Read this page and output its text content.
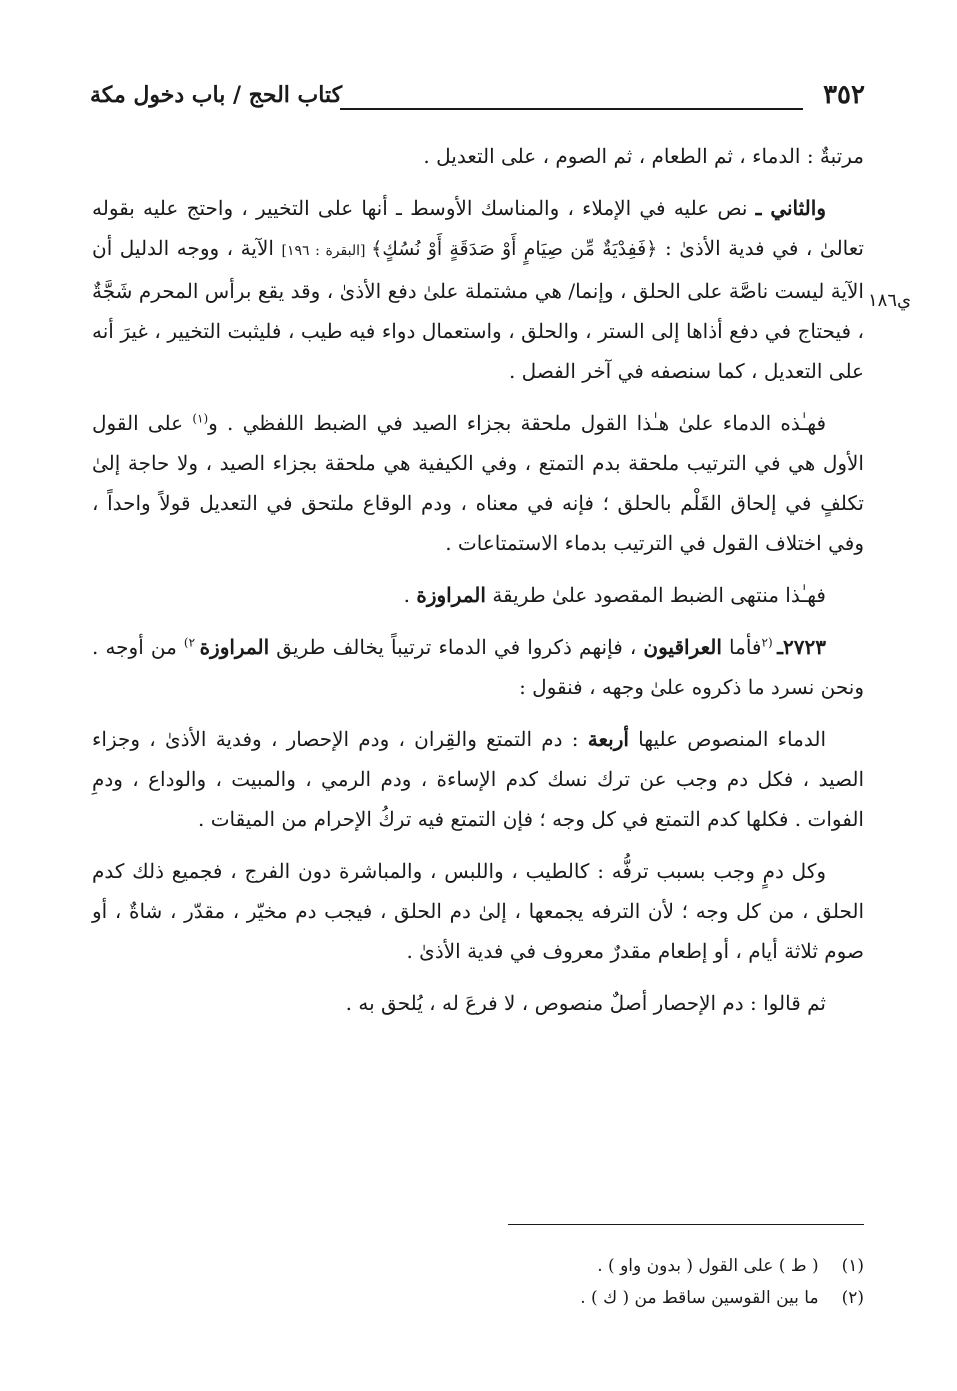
٣٥٢
كتاب الحج / باب دخول مكة
ي١٨٦

مرتبةٌ : الدماء ، ثم الطعام ، ثم الصوم ، على التعديل .

والثاني ـ نص عليه في الإملاء ، والمناسك الأوسط ـ أنها على التخيير ، واحتج عليه بقوله تعالىٰ ، في فدية الأذىٰ : ﴿فَفِدْيَةٌ مِّن صِيَامٍ أَوْ صَدَقَةٍ أَوْ نُسُكٍ﴾ [البقرة : ١٩٦] الآية ، ووجه الدليل أن الآية ليست ناصَّة على الحلق ، وإنما/ هي مشتملة علىٰ دفع الأذىٰ ، وقد يقع برأس المحرم شَجَّةٌ ، فيحتاج في دفع أذاها إلى الستر ، والحلق ، واستعمال دواء فيه طيب ، فليثبت التخيير ، غيرَ أنه على التعديل ، كما سنصفه في آخر الفصل .

فهـٰذه الدماء علىٰ هـٰذا القول ملحقة بجزاء الصيد في الضبط اللفظي . و$^{(١)}$ على القول الأول هي في الترتيب ملحقة بدم التمتع ، وفي الكيفية هي ملحقة بجزاء الصيد ، ولا حاجة إلىٰ تكلفٍ في إلحاق القَلْم بالحلق ؛ فإنه في معناه ، ودم الوقاع ملتحق في التعديل قولاً واحداً ، وفي اختلاف القول في الترتيب بدماء الاستمتاعات .

فهـٰذا منتهى الضبط المقصود علىٰ طريقة المراوزة .

٢٧٢٣ـ $^{(٢}$فأما العراقيون ، فإنهم ذكروا في الدماء ترتيباً يخالف طريق المراوزة $^{٢)}$ من أوجه . ونحن نسرد ما ذكروه علىٰ وجهه ، فنقول :

الدماء المنصوص عليها أربعة : دم التمتع والقِران ، ودم الإحصار ، وفدية الأذىٰ ، وجزاء الصيد ، فكل دم وجب عن ترك نسك كدم الإساءة ، ودم الرمي ، والمبيت ، والوداع ، ودمِ الفوات . فكلها كدم التمتع في كل وجه ؛ فإن التمتع فيه تركُ الإحرام من الميقات .

وكل دمٍ وجب بسبب ترفُّه : كالطيب ، واللبس ، والمباشرة دون الفرج ، فجميع ذلك كدم الحلق ، من كل وجه ؛ لأن الترفه يجمعها ، إلىٰ دم الحلق ، فيجب دم مخيّر ، مقدّر ، شاةٌ ، أو صوم ثلاثة أيام ، أو إطعام مقدرٌ معروف في فدية الأذىٰ .

ثم قالوا : دم الإحصار أصلٌ منصوص ، لا فرعَ له ، يُلحق به .

(١) ( ط ) على القول ( بدون واو ) .

(٢) ما بين القوسين ساقط من ( ك ) .
